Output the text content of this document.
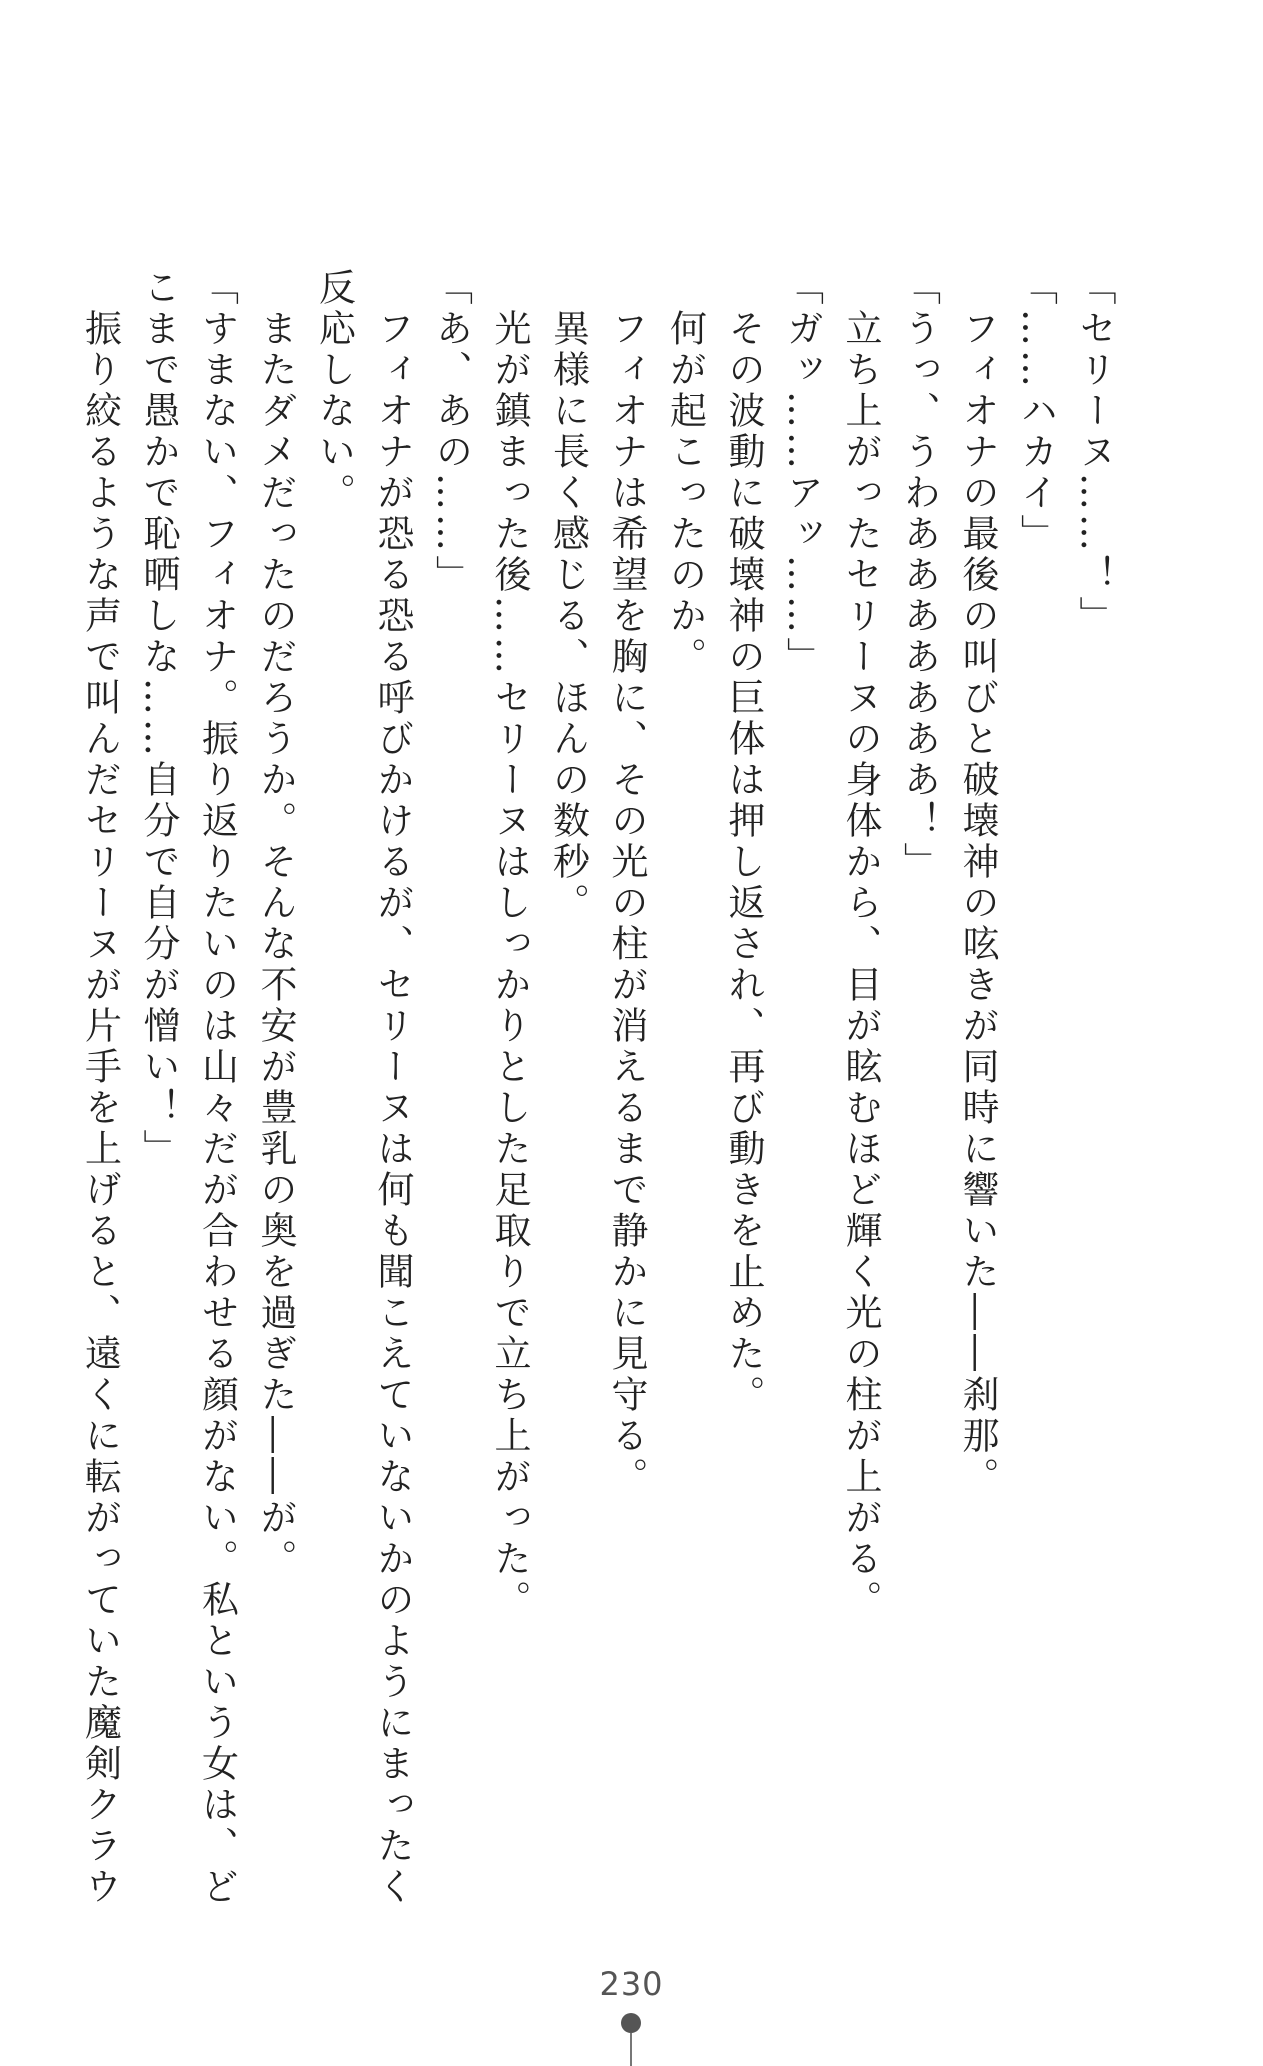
「セリーヌ……！」
「……ハカイ」
　フィオナの最後の叫びと破壊神の呟きが同時に響いた――刹那。
「うっ、うわあああああああ！」
　立ち上がったセリーヌの身体から、目が眩むほど輝く光の柱が上がる。
「ガッ……アッ……」
　その波動に破壊神の巨体は押し返され、再び動きを止めた。
　何が起こったのか。
　フィオナは希望を胸に、その光の柱が消えるまで静かに見守る。
　異様に長く感じる、ほんの数秒。
　光が鎮まった後……セリーヌはしっかりとした足取りで立ち上がった。
「あ、あの……」
　フィオナが恐る恐る呼びかけるが、セリーヌは何も聞こえていないかのようにまったく
反応しない。
　またダメだったのだろうか。そんな不安が豊乳の奥を過ぎた――が。
「すまない、フィオナ。振り返りたいのは山々だが合わせる顔がない。私という女は、ど
こまで愚かで恥晒しな……自分で自分が憎い！」
　振り絞るような声で叫んだセリーヌが片手を上げると、遠くに転がっていた魔剣クラウ
230
